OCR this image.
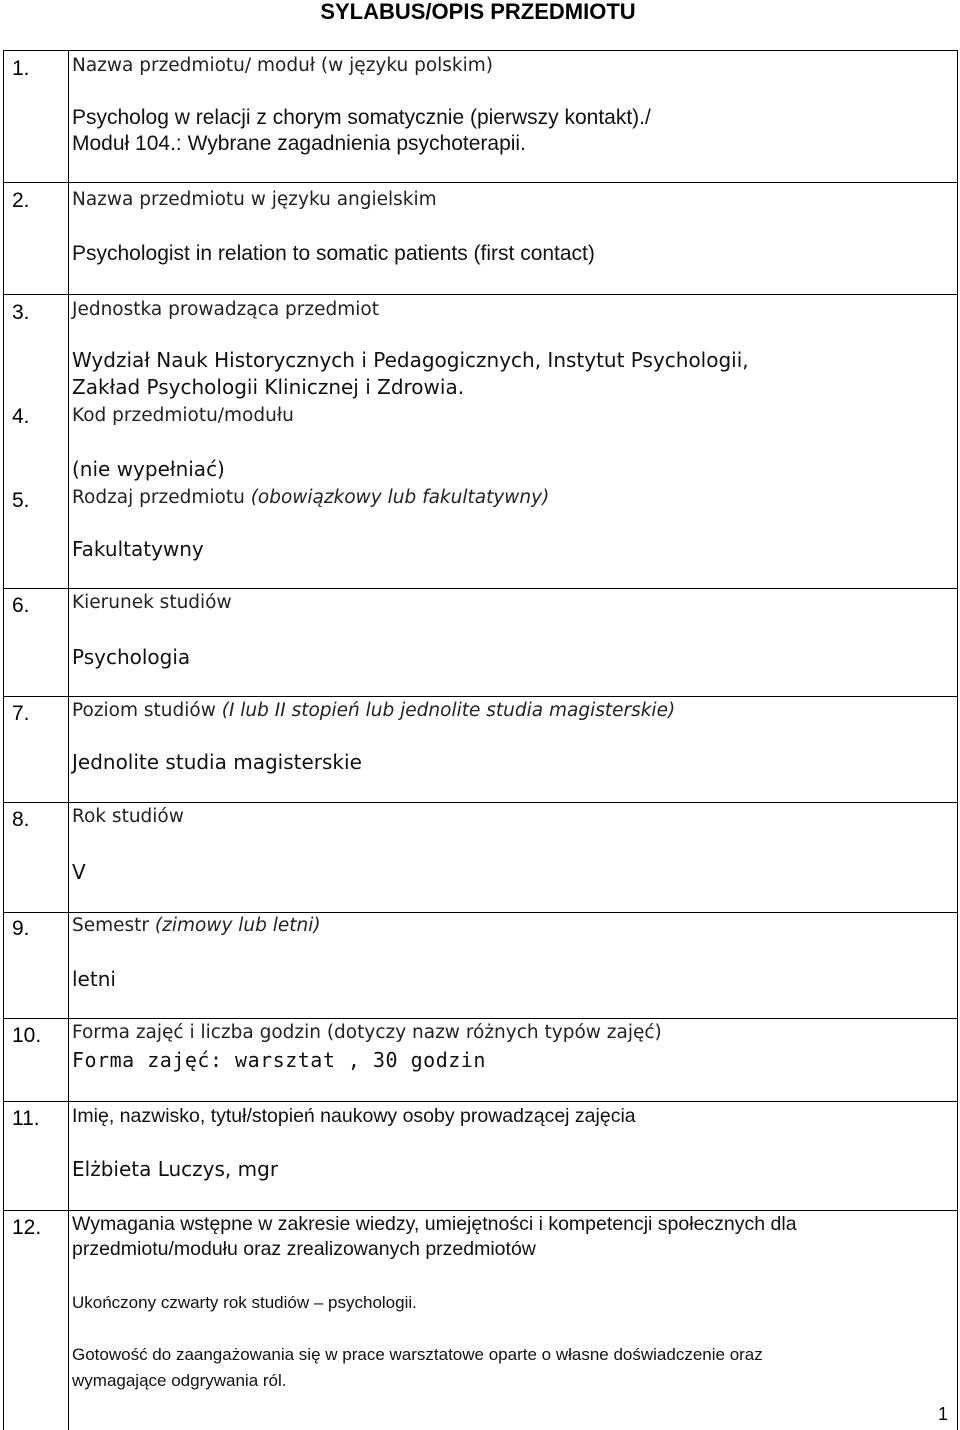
SYLABUS/OPIS PRZEDMIOTU
1. Nazwa przedmiotu/ moduł (w języku polskim)
Psycholog w relacji z chorym somatycznie (pierwszy kontakt)./
Moduł 104.: Wybrane zagadnienia psychoterapii.
2. Nazwa przedmiotu w języku angielskim
Psychologist in relation to somatic patients (first contact)
3. Jednostka prowadząca przedmiot
Wydział Nauk Historycznych i Pedagogicznych, Instytut Psychologii,
Zakład Psychologii Klinicznej i Zdrowia.
4. Kod przedmiotu/modułu
(nie wypełniać)
5. Rodzaj przedmiotu (obowiązkowy lub fakultatywny)
Fakultatywny
6. Kierunek studiów
Psychologia
7. Poziom studiów (I lub II stopień lub jednolite studia magisterskie)
Jednolite studia magisterskie
8. Rok studiów
V
9. Semestr (zimowy lub letni)
letni
10. Forma zajęć i liczba godzin (dotyczy nazw różnych typów zajęć)
Forma zajęć: warsztat , 30 godzin
11. Imię, nazwisko, tytuł/stopień naukowy osoby prowadzącej zajęcia
Elżbieta Luczys, mgr
12. Wymagania wstępne w zakresie wiedzy, umiejętności i kompetencji społecznych dla
przedmiotu/modułu oraz zrealizowanych przedmiotów
Ukończony czwarty rok studiów – psychologii.
Gotowość do zaangażowania się w prace warsztatowe oparte o własne doświadczenie oraz
wymagające odgrywania ról.
1
